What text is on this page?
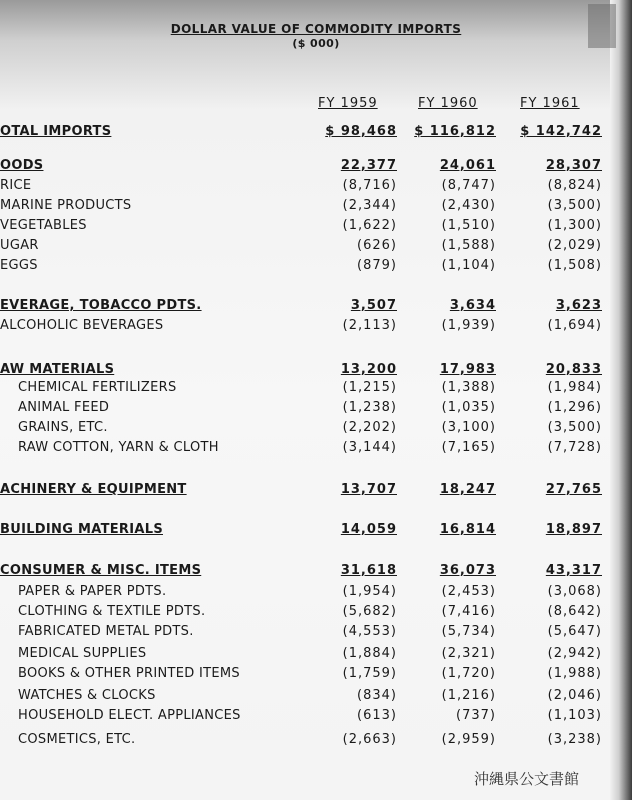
DOLLAR VALUE OF COMMODITY IMPORTS
($ 000)
FY 1959	FY 1960	FY 1961
OTAL IMPORTS	$ 98,468	$ 116,812	$ 142,742
OODS	22,377	24,061	28,307
RICE	(8,716)	(8,747)	(8,824)
MARINE PRODUCTS	(2,344)	(2,430)	(3,500)
VEGETABLES	(1,622)	(1,510)	(1,300)
UGAR	(626)	(1,588)	(2,029)
EGGS	(879)	(1,104)	(1,508)
EVERAGE, TOBACCO PDTS.	3,507	3,634	3,623
ALCOHOLIC BEVERAGES	(2,113)	(1,939)	(1,694)
AW MATERIALS	13,200	17,983	20,833
CHEMICAL FERTILIZERS	(1,215)	(1,388)	(1,984)
ANIMAL FEED	(1,238)	(1,035)	(1,296)
GRAINS, ETC.	(2,202)	(3,100)	(3,500)
RAW COTTON, YARN & CLOTH	(3,144)	(7,165)	(7,728)
ACHINERY & EQUIPMENT	13,707	18,247	27,765
BUILDING MATERIALS	14,059	16,814	18,897
CONSUMER & MISC. ITEMS	31,618	36,073	43,317
PAPER & PAPER PDTS.	(1,954)	(2,453)	(3,068)
CLOTHING & TEXTILE PDTS.	(5,682)	(7,416)	(8,642)
FABRICATED METAL PDTS.	(4,553)	(5,734)	(5,647)
MEDICAL SUPPLIES	(1,884)	(2,321)	(2,942)
BOOKS & OTHER PRINTED ITEMS	(1,759)	(1,720)	(1,988)
WATCHES & CLOCKS	(834)	(1,216)	(2,046)
HOUSEHOLD ELECT. APPLIANCES	(613)	(737)	(1,103)
COSMETICS, ETC.	(2,663)	(2,959)	(3,238)
沖縄県公文書館
